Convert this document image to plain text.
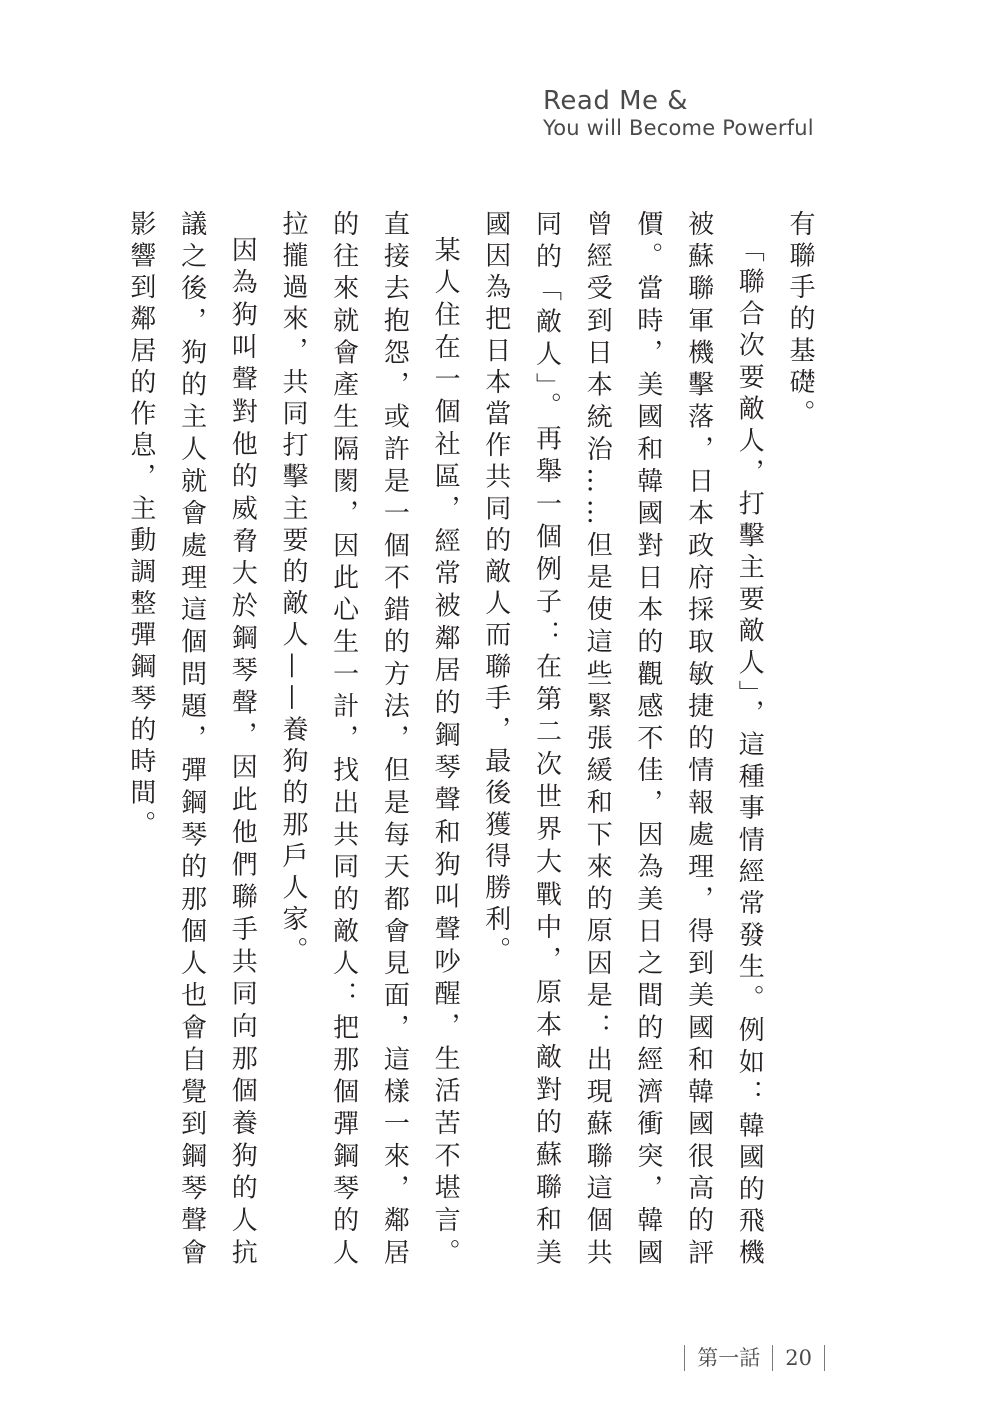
Read Me &
You will Become Powerful

有聯手的基礎。

「聯合次要敵人，打擊主要敵人」，這種事情經常發生。例如：韓國的飛機被蘇聯軍機擊落，日本政府採取敏捷的情報處理，得到美國和韓國很高的評價。當時，美國和韓國對日本的觀感不佳，因為美日之間的經濟衝突，韓國曾經受到日本統治……但是使這些緊張緩和下來的原因是：出現蘇聯這個共同的「敵人」。再舉一個例子：在第二次世界大戰中，原本敵對的蘇聯和美國因為把日本當作共同的敵人而聯手，最後獲得勝利。

某人住在一個社區，經常被鄰居的鋼琴聲和狗叫聲吵醒，生活苦不堪言。直接去抱怨，或許是一個不錯的方法，但是每天都會見面，這樣一來，鄰居的往來就會產生隔閡，因此心生一計，找出共同的敵人：把那個彈鋼琴的人拉攏過來，共同打擊主要的敵人——養狗的那戶人家。

因為狗叫聲對他的威脅大於鋼琴聲，因此他們聯手共同向那個養狗的人抗議之後，狗的主人就會處理這個問題，彈鋼琴的那個人也會自覺到鋼琴聲會影響到鄰居的作息，主動調整彈鋼琴的時間。

第一話 20
